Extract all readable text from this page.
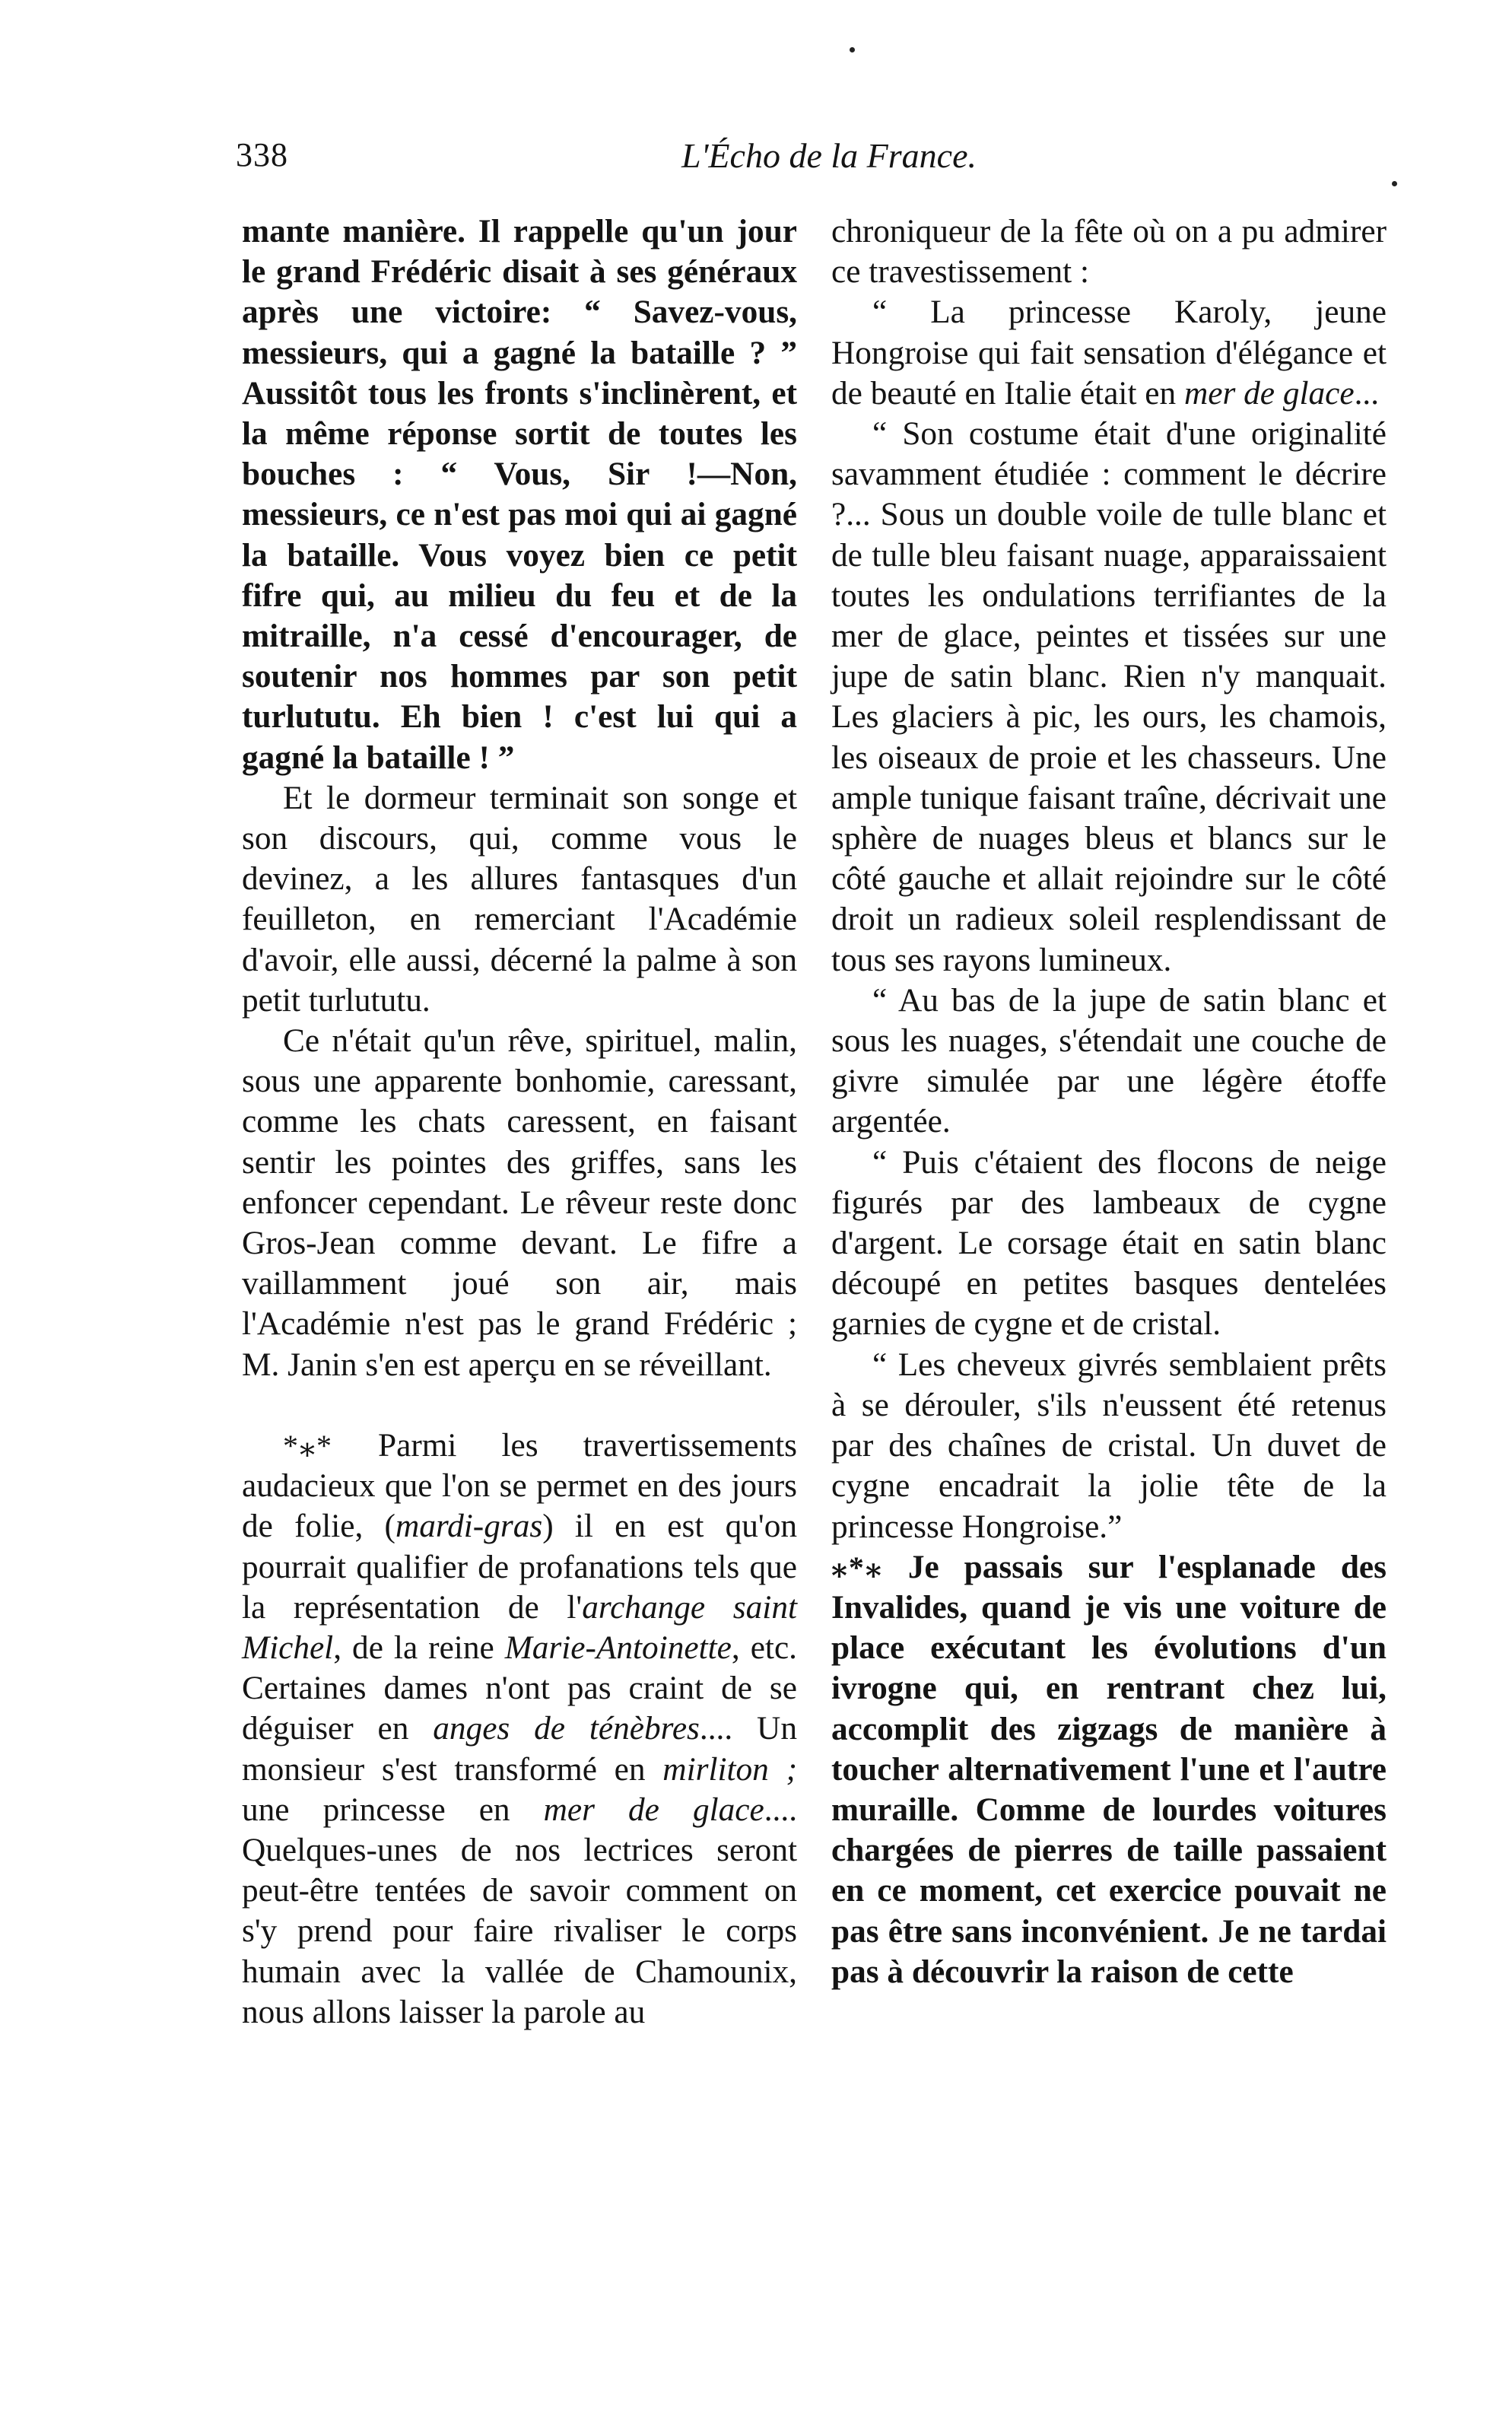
338	L'Écho de la France.

mante manière. Il rappelle qu'un jour le grand Frédéric disait à ses généraux après une victoire: “ Savez-vous, messieurs, qui a gagné la bataille ? ” Aussitôt tous les fronts s'inclinèrent, et la même réponse sortit de toutes les bouches : “ Vous, Sir !—Non, messieurs, ce n'est pas moi qui ai gagné la bataille. Vous voyez bien ce petit fifre qui, au milieu du feu et de la mitraille, n'a cessé d'encourager, de soutenir nos hommes par son petit turlututu. Eh bien ! c'est lui qui a gagné la bataille ! ”

Et le dormeur terminait son songe et son discours, qui, comme vous le devinez, a les allures fantasques d'un feuilleton, en remerciant l'Académie d'avoir, elle aussi, décerné la palme à son petit turlututu.

Ce n'était qu'un rêve, spirituel, malin, sous une apparente bonhomie, caressant, comme les chats caressent, en faisant sentir les pointes des griffes, sans les enfoncer cependant. Le rêveur reste donc Gros-Jean comme devant. Le fifre a vaillamment joué son air, mais l'Académie n'est pas le grand Frédéric ; M. Janin s'en est aperçu en se réveillant.

*⁎* Parmi les travertissements audacieux que l'on se permet en des jours de folie, (mardi-gras) il en est qu'on pourrait qualifier de profanations tels que la représentation de l'archange saint Michel, de la reine Marie-Antoinette, etc. Certaines dames n'ont pas craint de se déguiser en anges de ténèbres.... Un monsieur s'est transformé en mirliton ; une princesse en mer de glace.... Quelques-unes de nos lectrices seront peut-être tentées de savoir comment on s'y prend pour faire rivaliser le corps humain avec la vallée de Chamounix, nous allons laisser la parole au

chroniqueur de la fête où on a pu admirer ce travestissement :

“ La princesse Karoly, jeune Hongroise qui fait sensation d'élégance et de beauté en Italie était en mer de glace...

“ Son costume était d'une originalité savamment étudiée : comment le décrire ?... Sous un double voile de tulle blanc et de tulle bleu faisant nuage, apparaissaient toutes les ondulations terrifiantes de la mer de glace, peintes et tissées sur une jupe de satin blanc. Rien n'y manquait. Les glaciers à pic, les ours, les chamois, les oiseaux de proie et les chasseurs. Une ample tunique faisant traîne, décrivait une sphère de nuages bleus et blancs sur le côté gauche et allait rejoindre sur le côté droit un radieux soleil resplendissant de tous ses rayons lumineux.

“ Au bas de la jupe de satin blanc et sous les nuages, s'étendait une couche de givre simulée par une légère étoffe argentée.

“ Puis c'étaient des flocons de neige figurés par des lambeaux de cygne d'argent. Le corsage était en satin blanc découpé en petites basques dentelées garnies de cygne et de cristal.

“ Les cheveux givrés semblaient prêts à se dérouler, s'ils n'eussent été retenus par des chaînes de cristal. Un duvet de cygne encadrait la jolie tête de la princesse Hongroise.”

⁎*⁎ Je passais sur l'esplanade des Invalides, quand je vis une voiture de place exécutant les évolutions d'un ivrogne qui, en rentrant chez lui, accomplit des zigzags de manière à toucher alternativement l'une et l'autre muraille. Comme de lourdes voitures chargées de pierres de taille passaient en ce moment, cet exercice pouvait ne pas être sans inconvénient. Je ne tardai pas à découvrir la raison de cette
